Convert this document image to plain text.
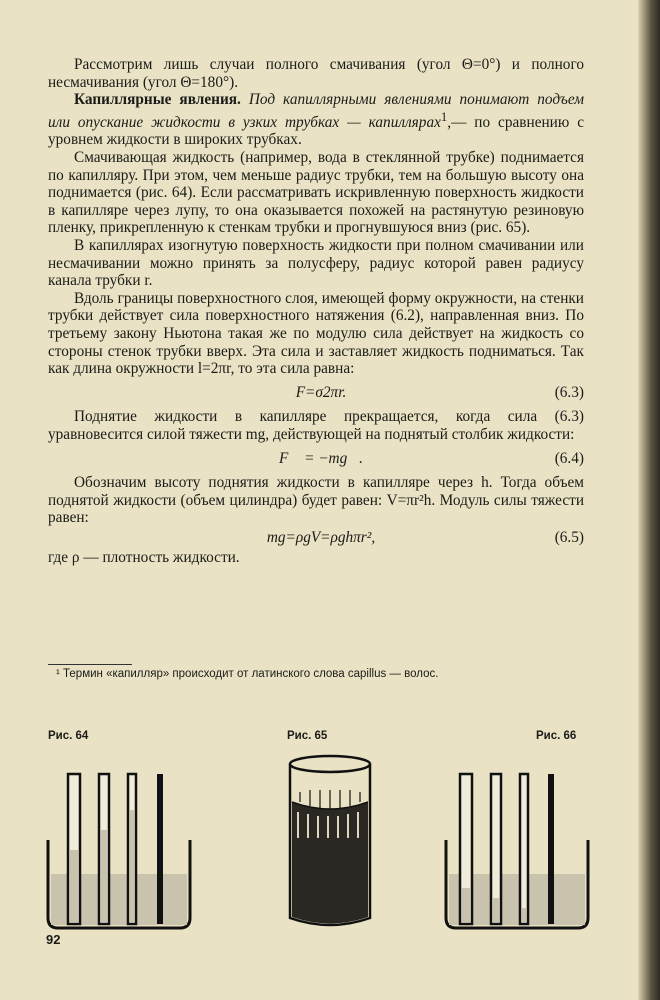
Рассмотрим лишь случаи полного смачивания (угол Θ=0°) и полного несмачивания (угол Θ=180°).

Капиллярные явления. Под капиллярными явлениями понимают подъем или опускание жидкости в узких трубках — капиллярах$^1$,— по сравнению с уровнем жидкости в широких трубках.

Смачивающая жидкость (например, вода в стеклянной трубке) поднимается по капилляру. При этом, чем меньше радиус трубки, тем на большую высоту она поднимается (рис. 64). Если рассматривать искривленную поверхность жидкости в капилляре через лупу, то она оказывается похожей на растянутую резиновую пленку, прикрепленную к стенкам трубки и прогнувшуюся вниз (рис. 65).

В капиллярах изогнутую поверхность жидкости при полном смачивании или несмачивании можно принять за полусферу, радиус которой равен радиусу канала трубки r.

Вдоль границы поверхностного слоя, имеющей форму окружности, на стенки трубки действует сила поверхностного натяжения (6.2), направленная вниз. По третьему закону Ньютона такая же по модулю сила действует на жидкость со стороны стенок трубки вверх. Эта сила и заставляет жидкость подниматься. Так как длина окружности l=2πr, то эта сила равна:

F=σ2πr.	(6.3)

Поднятие жидкости в капилляре прекращается, когда сила (6.3) уравновесится силой тяжести mg, действующей на поднятый столбик жидкости:

F⃗ = −mg⃗.	(6.4)

Обозначим высоту поднятия жидкости в капилляре через h. Тогда объем поднятой жидкости (объем цилиндра) будет равен: V=πr²h. Модуль силы тяжести равен:

mg=ρgV=ρghπr²,	(6.5)

где ρ — плотность жидкости.

¹ Термин «капилляр» происходит от латинского слова capillus — волос.
Рис. 64	Рис. 65	Рис. 66
92
